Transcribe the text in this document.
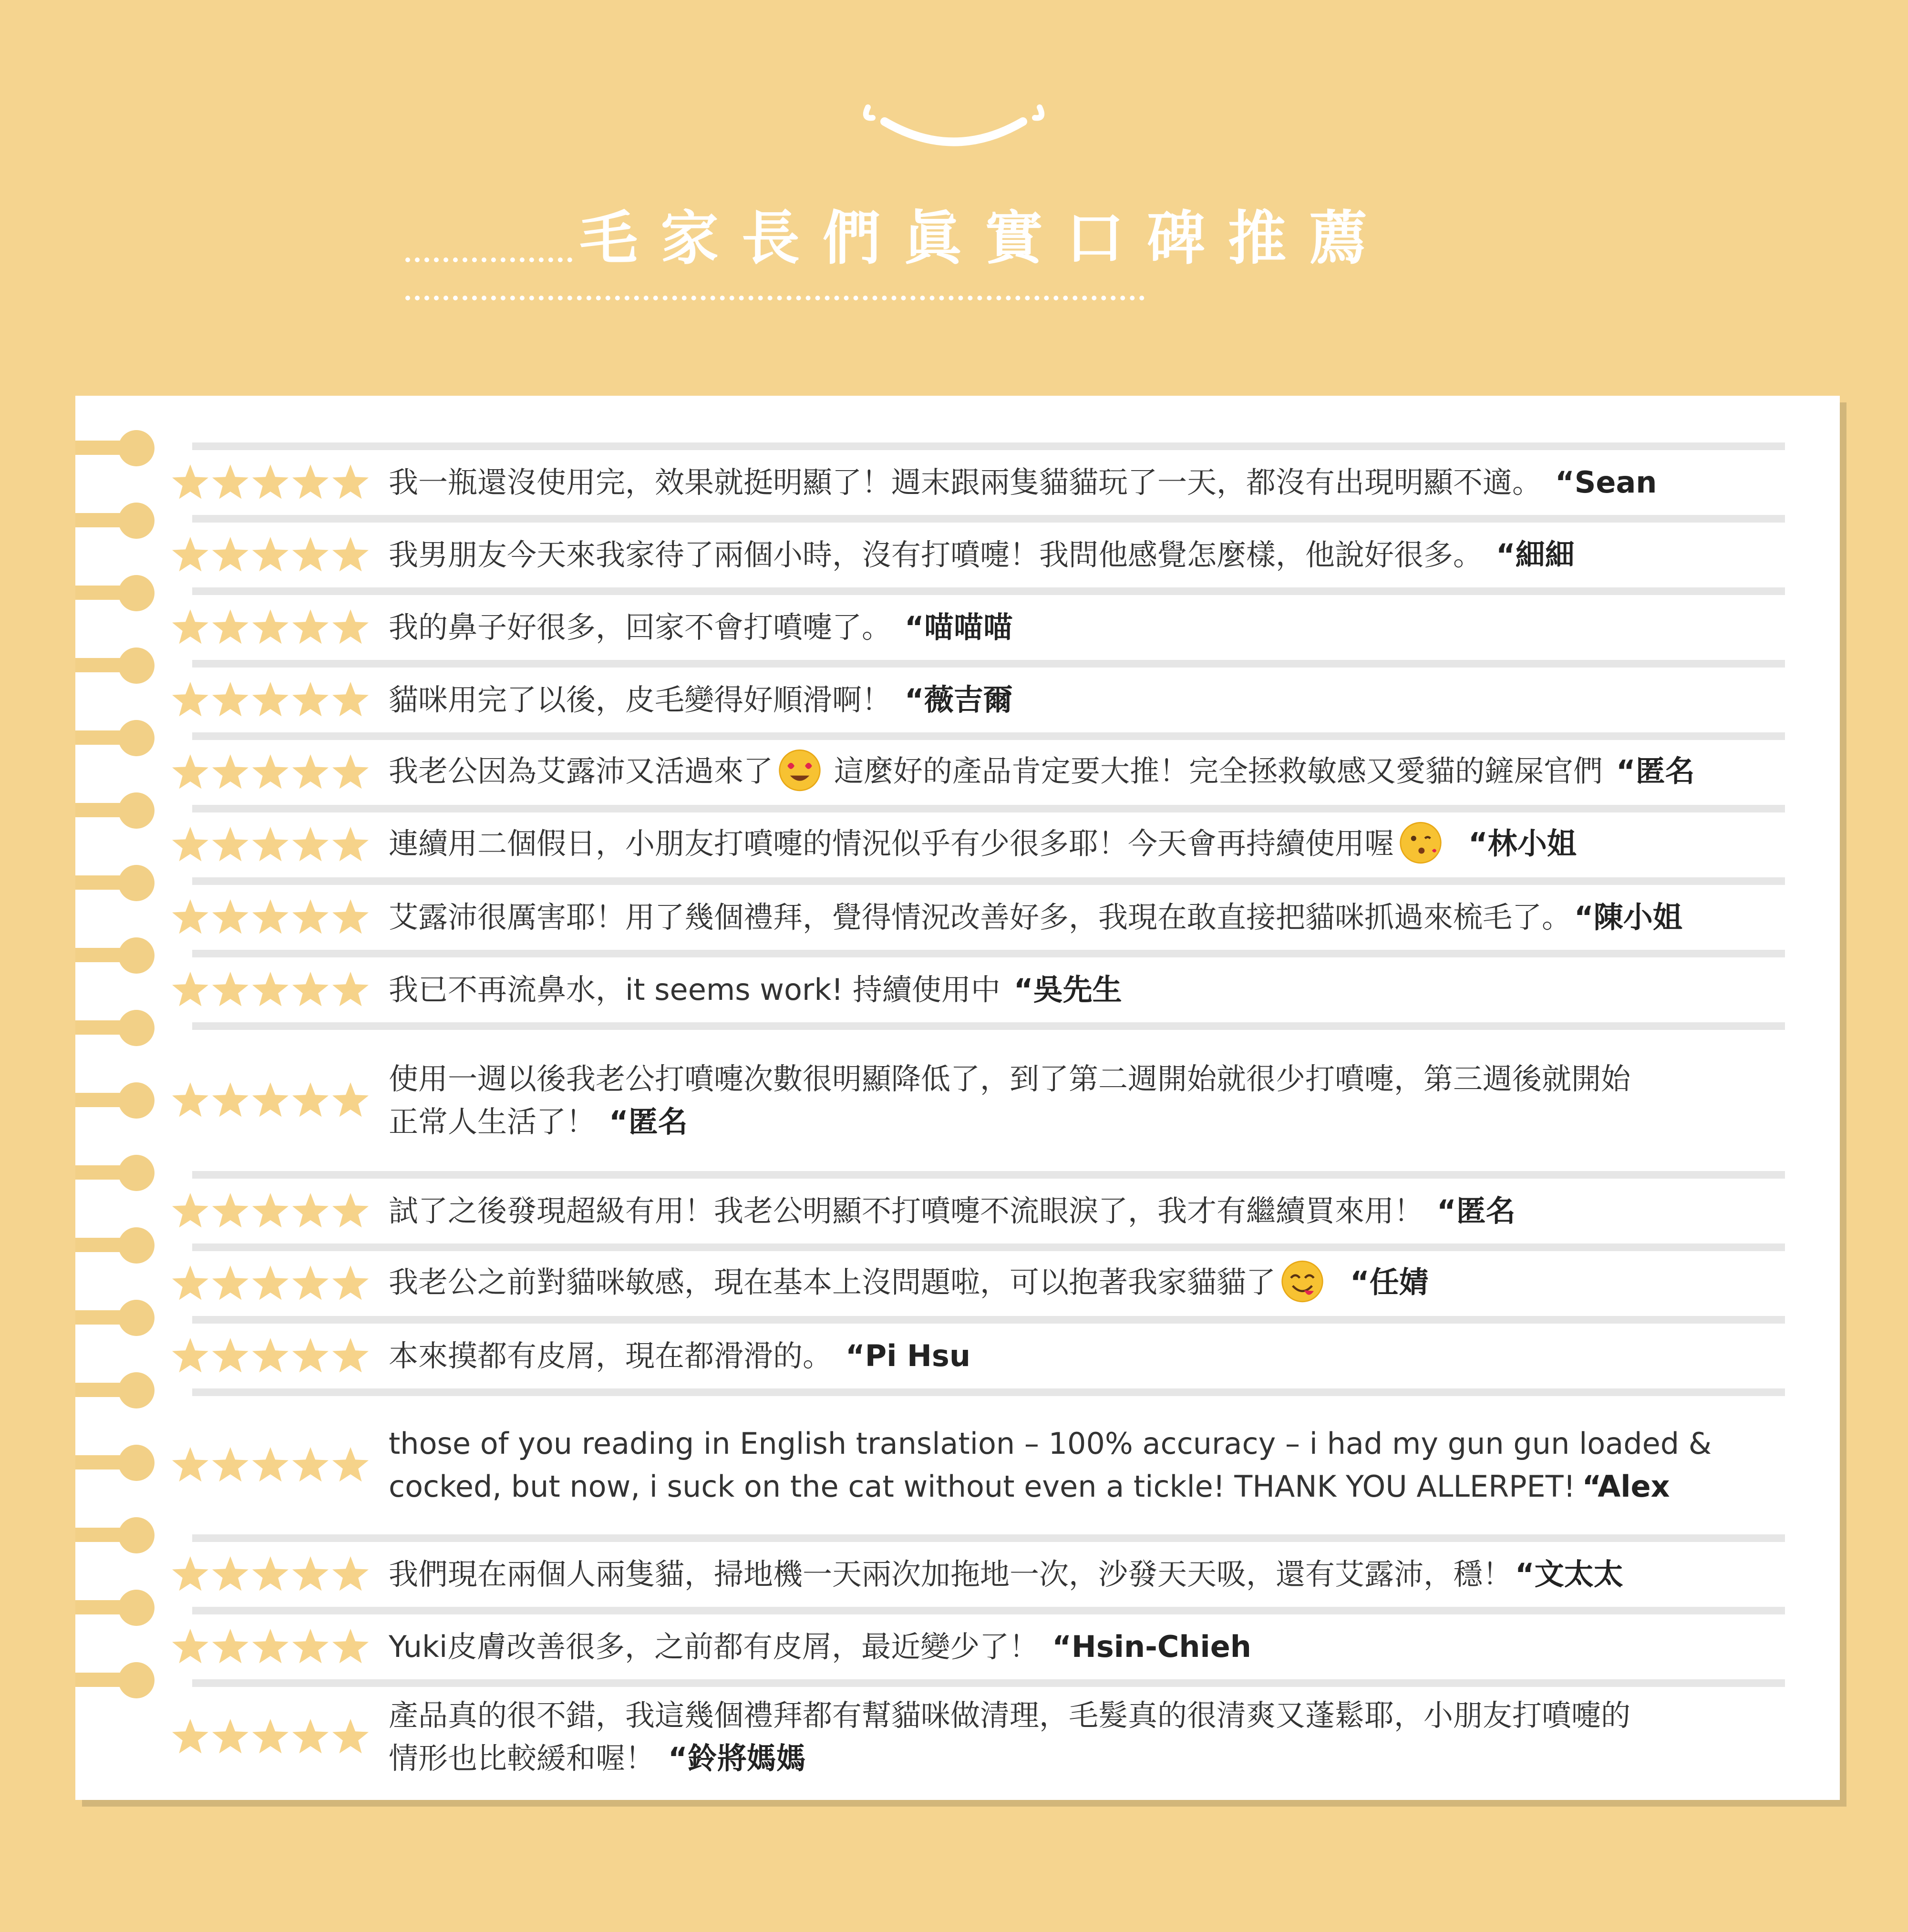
毛家長們眞實口碑推薦
我一瓶還沒使用完，效果就挺明顯了！週末跟兩隻貓貓玩了一天，都沒有出現明顯不適。 “Sean
我男朋友今天來我家待了兩個小時，沒有打噴嚏！我問他感覺怎麼樣，他說好很多。 “細細
我的鼻子好很多，回家不會打噴嚏了。 “喵喵喵
貓咪用完了以後，皮毛變得好順滑啊！ “薇吉爾
我老公因為艾露沛又活過來了 這麼好的產品肯定要大推！完全拯救敏感又愛貓的鏟屎官們 “匿名
連續用二個假日，小朋友打噴嚏的情況似乎有少很多耶！今天會再持續使用喔	“林小姐
艾露沛很厲害耶！用了幾個禮拜，覺得情況改善好多，我現在敢直接把貓咪抓過來梳毛了。“陳小姐
我已不再流鼻水，it seems work! 持續使用中 “吳先生
使用一週以後我老公打噴嚏次數很明顯降低了，到了第二週開始就很少打噴嚏，第三週後就開始
正常人生活了！ “匿名
試了之後發現超級有用！我老公明顯不打噴嚏不流眼淚了，我才有繼續買來用！ “匿名
我老公之前對貓咪敏感，現在基本上沒問題啦，可以抱著我家貓貓了	“任婧
本來摸都有皮屑，現在都滑滑的。 “Pi Hsu
those of you reading in English translation – 100% accuracy – i had my gun gun loaded &
cocked, but now, i suck on the cat without even a tickle! THANK YOU ALLERPET! “Alex
我們現在兩個人兩隻貓，掃地機一天兩次加拖地一次，沙發天天吸，還有艾露沛，穩！“文太太
Yuki皮膚改善很多，之前都有皮屑，最近變少了！ “Hsin-Chieh
產品真的很不錯，我這幾個禮拜都有幫貓咪做清理，毛髮真的很清爽又蓬鬆耶，小朋友打噴嚏的
情形也比較緩和喔！ “鈴將媽媽
